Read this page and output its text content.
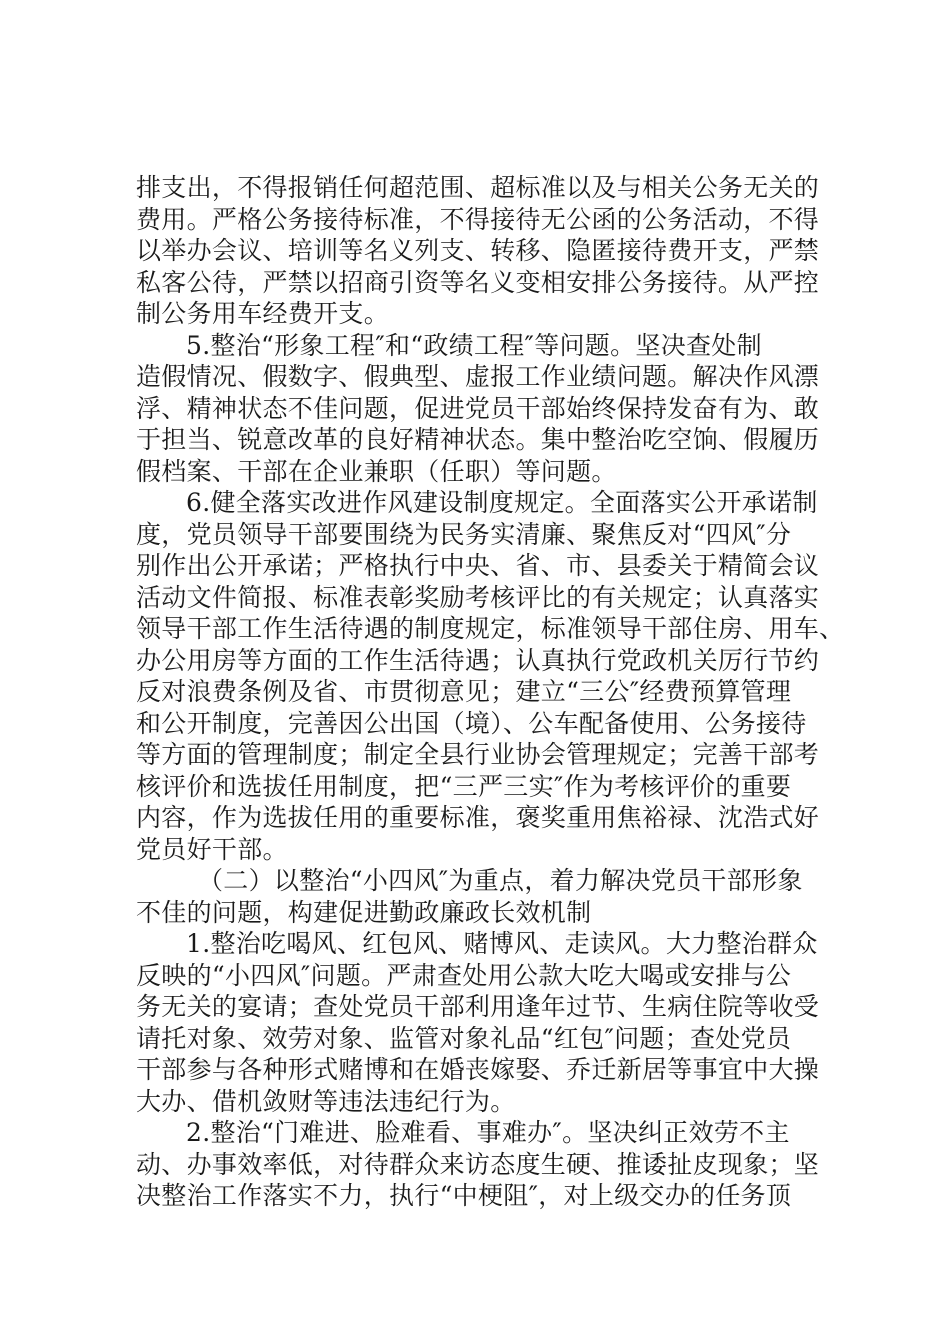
排支出，不得报销任何超范围、超标准以及与相关公务无关的
费用。严格公务接待标准，不得接待无公函的公务活动，不得
以举办会议、培训等名义列支、转移、隐匿接待费开支，严禁
私客公待，严禁以招商引资等名义变相安排公务接待。从严控
制公务用车经费开支。
5.整治“形象工程″和“政绩工程″等问题。坚决查处制
造假情况、假数字、假典型、虚报工作业绩问题。解决作风漂
浮、精神状态不佳问题，促进党员干部始终保持发奋有为、敢
于担当、锐意改革的良好精神状态。集中整治吃空饷、假履历
假档案、干部在企业兼职（任职）等问题。
6.健全落实改进作风建设制度规定。全面落实公开承诺制
度，党员领导干部要围绕为民务实清廉、聚焦反对“四风″分
别作出公开承诺；严格执行中央、省、市、县委关于精简会议
活动文件简报、标准表彰奖励考核评比的有关规定；认真落实
领导干部工作生活待遇的制度规定，标准领导干部住房、用车、
办公用房等方面的工作生活待遇；认真执行党政机关厉行节约
反对浪费条例及省、市贯彻意见；建立“三公″经费预算管理
和公开制度，完善因公出国（境）、公车配备使用、公务接待
等方面的管理制度；制定全县行业协会管理规定；完善干部考
核评价和选拔任用制度，把“三严三实″作为考核评价的重要
内容，作为选拔任用的重要标准，褒奖重用焦裕禄、沈浩式好
党员好干部。
（二）以整治“小四风″为重点，着力解决党员干部形象
不佳的问题，构建促进勤政廉政长效机制
1.整治吃喝风、红包风、赌博风、走读风。大力整治群众
反映的“小四风″问题。严肃查处用公款大吃大喝或安排与公
务无关的宴请；查处党员干部利用逢年过节、生病住院等收受
请托对象、效劳对象、监管对象礼品“红包″问题；查处党员
干部参与各种形式赌博和在婚丧嫁娶、乔迁新居等事宜中大操
大办、借机敛财等违法违纪行为。
2.整治“门难进、脸难看、事难办″。坚决纠正效劳不主
动、办事效率低，对待群众来访态度生硬、推诿扯皮现象；坚
决整治工作落实不力，执行“中梗阻″，对上级交办的任务顶
